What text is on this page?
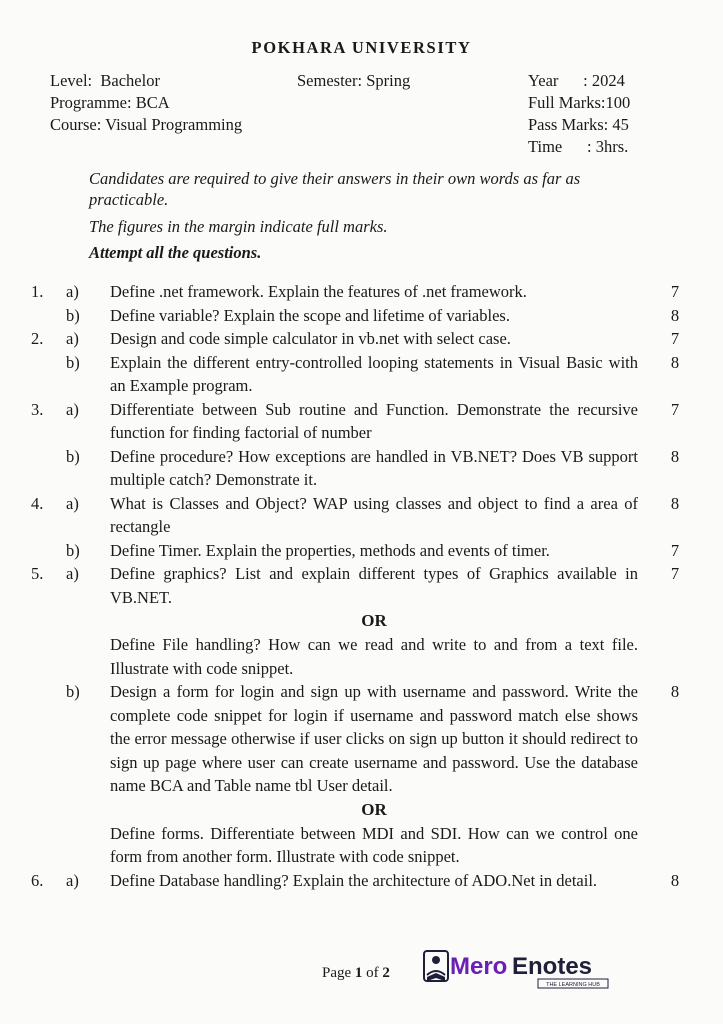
POKHARA UNIVERSITY
Level:  Bachelor
Programme: BCA
Course: Visual Programming
Semester: Spring	Year      : 2024
Full Marks:100
Pass Marks: 45
Time      : 3hrs.
Candidates are required to give their answers in their own words as far as practicable.
The figures in the margin indicate full marks.
Attempt all the questions.
1.	a)	7
Define .net framework. Explain the features of .net framework.
b)	8
Define variable? Explain the scope and lifetime of variables.
2.	a)	7
Design and code simple calculator in vb.net with select case.
b)	8
Explain the different entry-controlled looping statements in Visual Basic with an Example program.
3.	a)	7
Differentiate between Sub routine and Function. Demonstrate the recursive function for finding factorial of number
b)	8
Define procedure? How exceptions are handled in VB.NET? Does VB support multiple catch? Demonstrate it.
4.	a)	8
What is Classes and Object? WAP using classes and object to find a area of rectangle
b)	7
Define Timer. Explain the properties, methods and events of timer.
5.	a)	7
Define graphics? List and explain different types of Graphics available in VB.NET.
OR
Define File handling? How can we read and write to and from a text file. Illustrate with code snippet.
b)	8
Design a form for login and sign up with username and password. Write the complete code snippet for login if username and password match else shows the error message otherwise if user clicks on sign up button it should redirect to sign up page where user can create username and password. Use the database name BCA and Table name tbl User detail.
OR
Define forms. Differentiate between MDI and SDI. How can we control one form from another form. Illustrate with code snippet.
6.	a)	8
Define Database handling? Explain the architecture of ADO.Net in detail.
Page 1 of 2	Mero Enotes
THE LEARNING HUB
